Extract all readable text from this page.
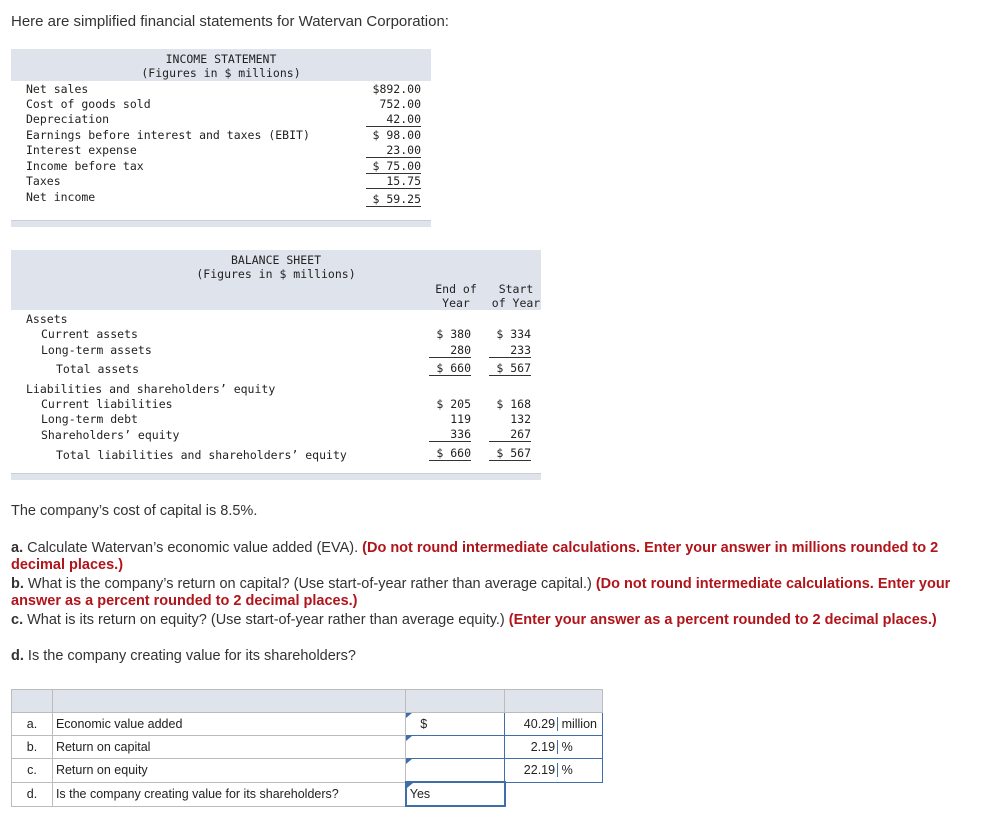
Here are simplified financial statements for Watervan Corporation:
INCOME STATEMENT
(Figures in $ millions)
Net sales	$892.00
Cost of goods sold	752.00
Depreciation	42.00
Earnings before interest and taxes (EBIT)	$ 98.00
Interest expense	23.00
Income before tax	$ 75.00
Taxes	15.75
Net income	$ 59.25
BALANCE SHEET
(Figures in $ millions)
End of
Year
Start
of Year
Assets
Current assets	$ 380	$ 334
Long-term assets	280	233
Total assets	$ 660	$ 567
Liabilities and shareholders’ equity
Current liabilities	$ 205	$ 168
Long-term debt	119	132
Shareholders’ equity	336	267
Total liabilities and shareholders’ equity	$ 660	$ 567
The company’s cost of capital is 8.5%.
a. Calculate Watervan’s economic value added (EVA). (Do not round intermediate calculations. Enter your answer in millions rounded to 2 decimal places.)
b. What is the company’s return on capital? (Use start-of-year rather than average capital.) (Do not round intermediate calculations. Enter your answer as a percent rounded to 2 decimal places.)
c. What is its return on equity? (Use start-of-year rather than average equity.) (Enter your answer as a percent rounded to 2 decimal places.)
d. Is the company creating value for its shareholders?

a.	Economic value added	$	40.29 million
b.	Return on capital		2.19 %
c.	Return on equity		22.19 %
d.	Is the company creating value for its shareholders?	Yes	
